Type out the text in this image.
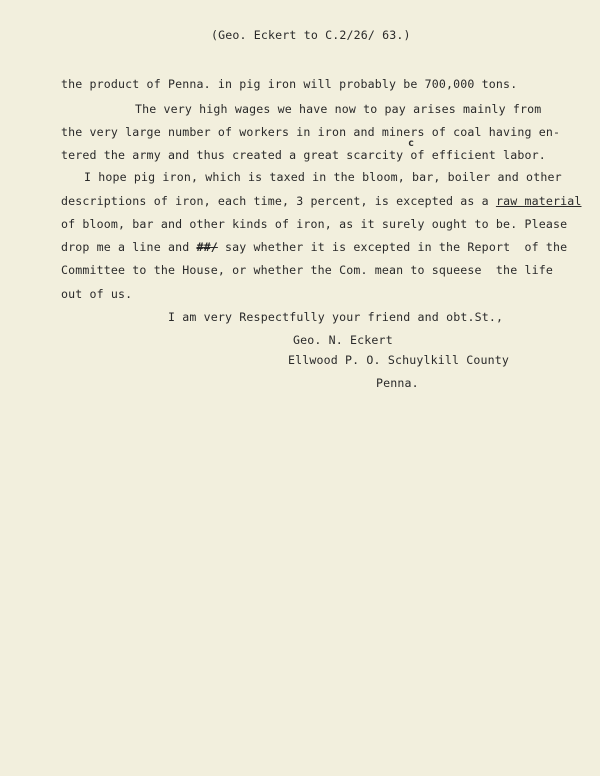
(Geo. Eckert to C.2/26/ 63.)
the product of Penna. in pig iron will probably be 700,000 tons.
The very high wages we have now to pay arises mainly from
the very large number of workers in iron and miners of coal having en-
c
tered the army and thus created a great scarcity of efficient labor.
I hope pig iron, which is taxed in the bloom, bar, boiler and other
descriptions of iron, each time, 3 percent, is excepted as a raw material
of bloom, bar and other kinds of iron, as it surely ought to be. Please
drop me a line and ##/ say whether it is excepted in the Report  of the
Committee to the House, or whether the Com. mean to squeese  the life
out of us.
I am very Respectfully your friend and obt.St.,
Geo. N. Eckert
Ellwood P. O. Schuylkill County
Penna.
